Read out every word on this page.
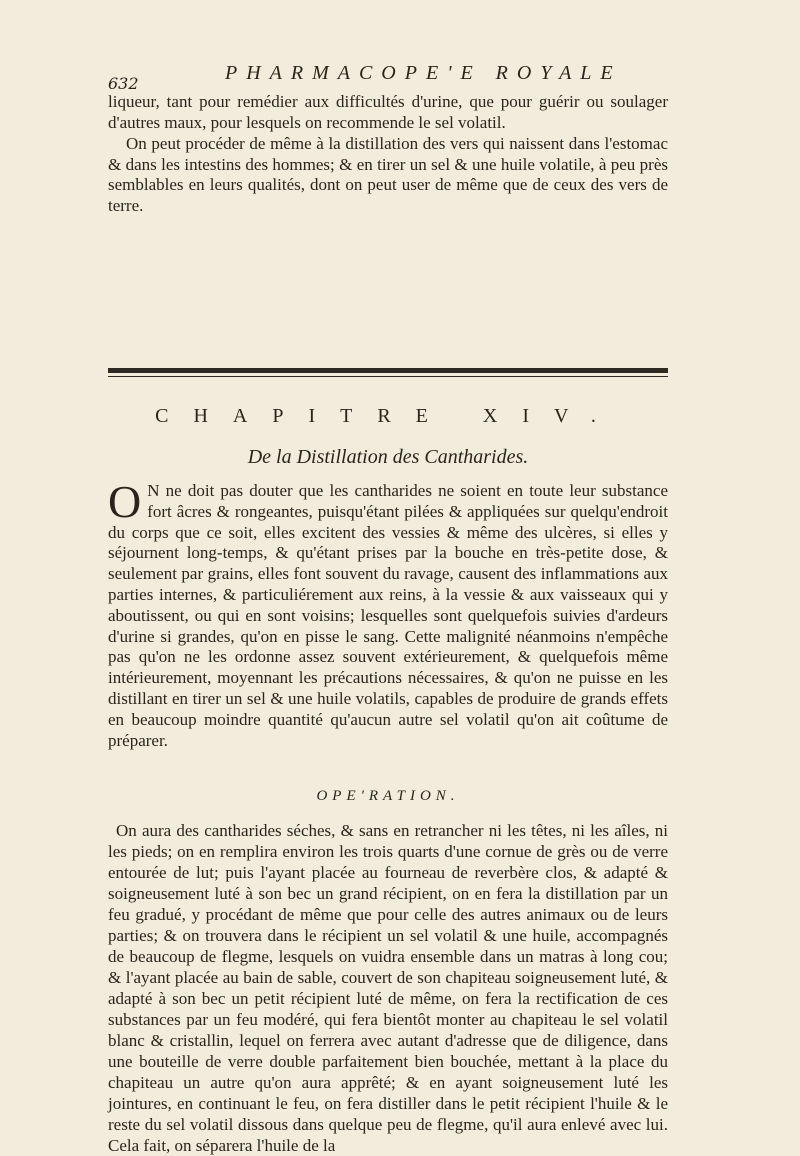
632	PHARMACOPE'E ROYALE

liqueur, tant pour remédier aux difficultés d'urine, que pour guérir ou soulager d'autres maux, pour lesquels on recommende le sel volatil.

On peut procéder de même à la distillation des vers qui naissent dans l'estomac & dans les intestins des hommes; & en tirer un sel & une huile volatile, à peu près semblables en leurs qualités, dont on peut user de même que de ceux des vers de terre.

CHAPITRE XIV.
De la Distillation des Cantharides.

O N ne doit pas douter que les cantharides ne soient en toute leur substance fort âcres & rongeantes, puisqu'étant pilées & appliquées sur quelqu'endroit du corps que ce soit, elles excitent des vessies & même des ulcères, si elles y séjournent long-temps, & qu'étant prises par la bouche en très-petite dose, & seulement par grains, elles font souvent du ravage, causent des inflammations aux parties internes, & particuliérement aux reins, à la vessie & aux vaisseaux qui y aboutissent, ou qui en sont voisins; lesquelles sont quelquefois suivies d'ardeurs d'urine si grandes, qu'on en pisse le sang. Cette malignité néanmoins n'empêche pas qu'on ne les ordonne assez souvent extérieurement, & quelquefois même intérieurement, moyennant les précautions nécessaires, & qu'on ne puisse en les distillant en tirer un sel & une huile volatils, capables de produire de grands effets en beaucoup moindre quantité qu'aucun autre sel volatil qu'on ait coûtume de préparer.

OPE'RATION.

On aura des cantharides séches, & sans en retrancher ni les têtes, ni les aîles, ni les pieds; on en remplira environ les trois quarts d'une cornue de grès ou de verre entourée de lut; puis l'ayant placée au fourneau de reverbère clos, & adapté & soigneusement luté à son bec un grand récipient, on en fera la distillation par un feu gradué, y procédant de même que pour celle des autres animaux ou de leurs parties; & on trouvera dans le récipient un sel volatil & une huile, accompagnés de beaucoup de flegme, lesquels on vuidra ensemble dans un matras à long cou; & l'ayant placée au bain de sable, couvert de son chapiteau soigneusement luté, & adapté à son bec un petit récipient luté de même, on fera la rectification de ces substances par un feu modéré, qui fera bientôt monter au chapiteau le sel volatil blanc & cristallin, lequel on ferrera avec autant d'adresse que de diligence, dans une bouteille de verre double parfaitement bien bouchée, mettant à la place du chapiteau un autre qu'on aura apprêté; & en ayant soigneusement luté les jointures, en continuant le feu, on fera distiller dans le petit récipient l'huile & le reste du sel volatil dissous dans quelque peu de flegme, qu'il aura enlevé avec lui. Cela fait, on séparera l'huile de la
